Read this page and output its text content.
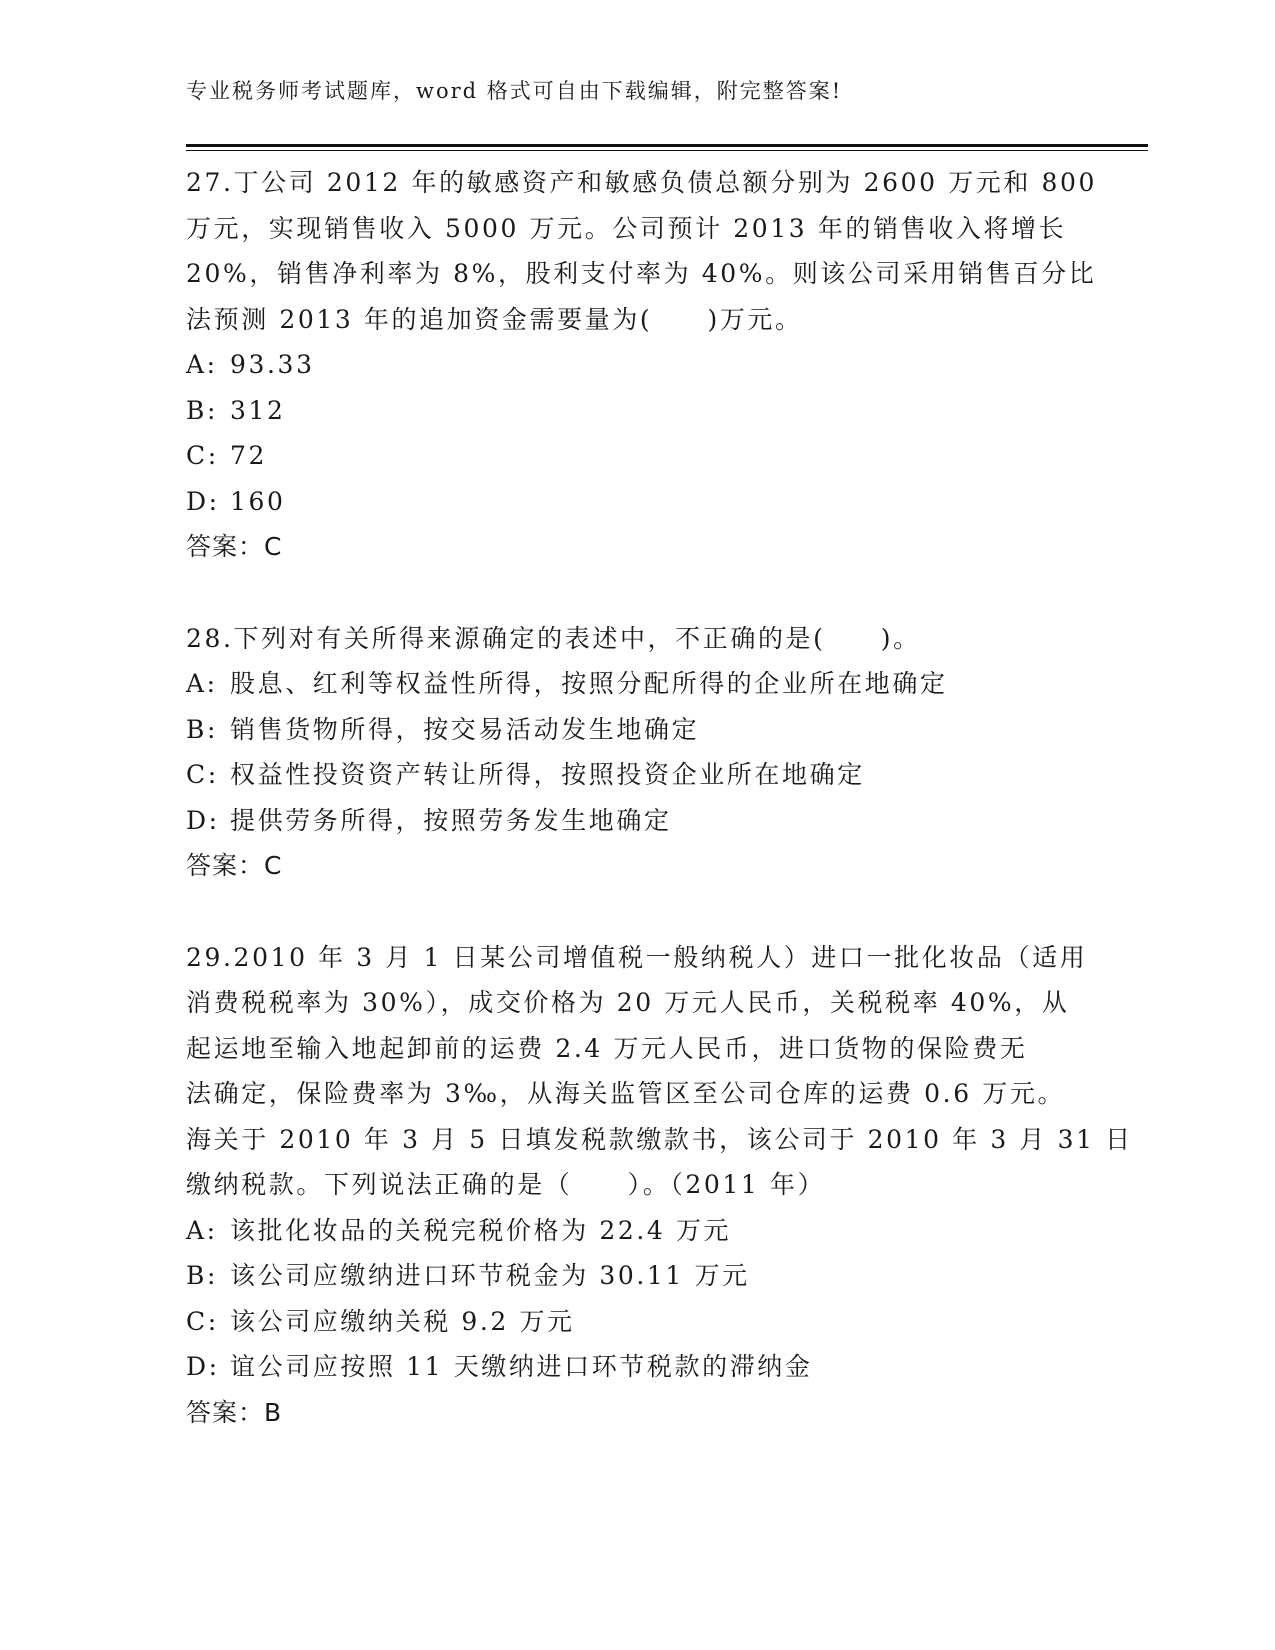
专业税务师考试题库，word 格式可自由下载编辑，附完整答案!
27.丁公司 2012 年的敏感资产和敏感负债总额分别为 2600 万元和 800
万元，实现销售收入 5000 万元。公司预计 2013 年的销售收入将增长
20%，销售净利率为 8%，股利支付率为 40%。则该公司采用销售百分比
法预测 2013 年的追加资金需要量为(　　)万元。
A: 93.33
B: 312
C: 72
D: 160
答案：C
28.下列对有关所得来源确定的表述中，不正确的是(　　)。
A: 股息、红利等权益性所得，按照分配所得的企业所在地确定
B: 销售货物所得，按交易活动发生地确定
C: 权益性投资资产转让所得，按照投资企业所在地确定
D: 提供劳务所得，按照劳务发生地确定
答案：C
29.2010 年 3 月 1 日某公司增值税一般纳税人）进口一批化妆品（适用
消费税税率为 30%），成交价格为 20 万元人民币，关税税率 40%，从
起运地至输入地起卸前的运费 2.4 万元人民币，进口货物的保险费无
法确定，保险费率为 3‰，从海关监管区至公司仓库的运费 0.6 万元。
海关于 2010 年 3 月 5 日填发税款缴款书，该公司于 2010 年 3 月 31 日
缴纳税款。下列说法正确的是（　　）。（2011 年）
A: 该批化妆品的关税完税价格为 22.4 万元
B: 该公司应缴纳进口环节税金为 30.11 万元
C: 该公司应缴纳关税 9.2 万元
D: 谊公司应按照 11 天缴纳进口环节税款的滞纳金
答案：B
